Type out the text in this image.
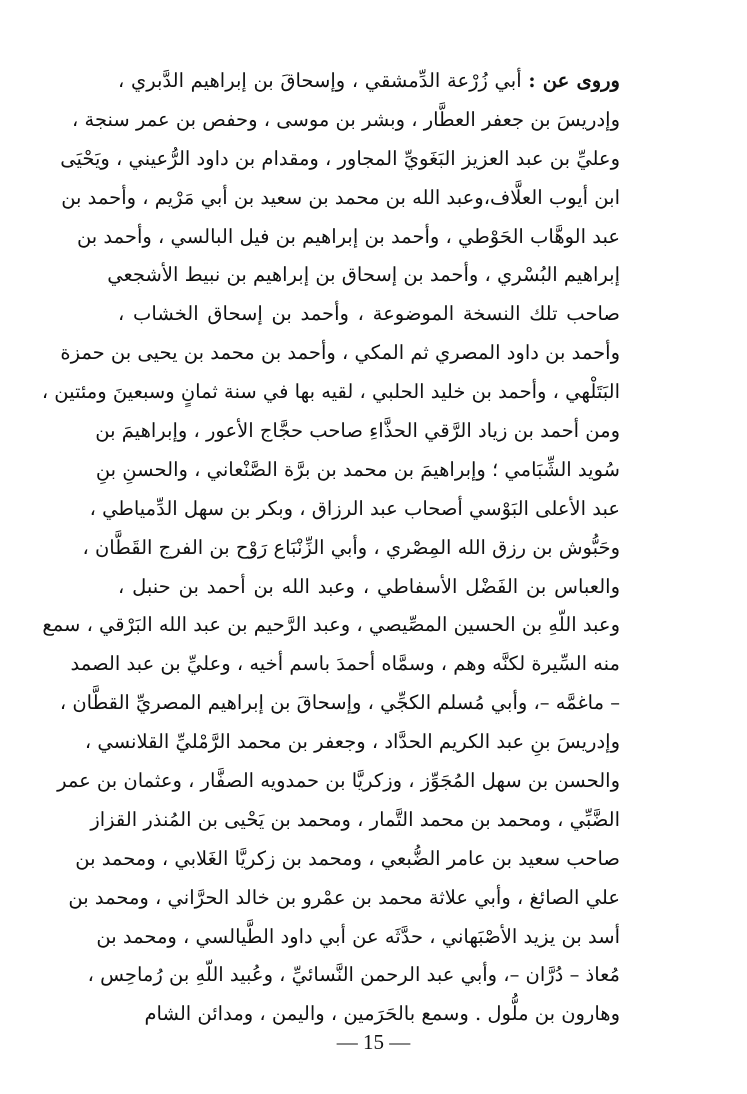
وروى عن : أبي زُرْعة الدِّمشقي ، وإسحاقَ بن إبراهيم الدَّبري ،
وإدريسَ بن جعفر العطَّار ، وبشر بن موسى ، وحفص بن عمر سنجة ،
وعليِّ بن عبد العزيز البَغَويِّ المجاور ، ومقدام بن داود الرُّعيني ، ويَحْيَى
ابن أيوب العلَّاف،وعبد الله بن محمد بن سعيد بن أبي مَرْيم ، وأحمد بن
عبد الوهَّاب الحَوْطي ، وأحمد بن إبراهيم بن فيل البالسي ، وأحمد بن
إبراهيم البُسْري ، وأحمد بن إسحاق بن إبراهيم بن نبيط الأشجعي
صاحب تلك النسخة الموضوعة ، وأحمد بن إسحاق الخشاب ،
وأحمد بن داود المصري ثم المكي ، وأحمد بن محمد بن يحيى بن حمزة
البَتَلْهي ، وأحمد بن خليد الحلبي ، لقيه بها في سنة ثمانٍ وسبعينَ ومئتين ،
ومن أحمد بن زياد الرَّقي الحذَّاءِ صاحب حجَّاج الأعور ، وإبراهيمَ بن
سُويد الشِّبَامي ؛ وإبراهيمَ بن محمد بن برَّة الصَّنْعاني ، والحسنِ بنِ
عبد الأعلى البَوْسي أصحاب عبد الرزاق ، وبكر بن سهل الدِّمياطي ،
وحَبُّوش بن رزق الله المِصْري ، وأبي الزِّنْبَاع رَوْح بن الفرج القَطَّان ،
والعباس بن الفَضْل الأسفاطي ، وعبد الله بن أحمد بن حنبل ،
وعبد اللّهِ بن الحسين المصِّيصي ، وعبد الرَّحيم بن عبد الله البَرْقي ، سمع
منه السِّيرة لكنَّه وهم ، وسمَّاه أحمدَ باسم أخيه ، وعليِّ بن عبد الصمد
– ماغمَّه –، وأبي مُسلم الكجِّي ، وإسحاقَ بن إبراهيم المصريِّ القطَّان ،
وإدريسَ بنِ عبد الكريم الحدَّاد ، وجعفر بن محمد الرَّمْليِّ القلانسي ،
والحسن بن سهل المُجَوِّز ، وزكريَّا بن حمدويه الصفَّار ، وعثمان بن عمر
الضَّبِّي ، ومحمد بن محمد التَّمار ، ومحمد بن يَحْيى بن المُنذر القزاز
صاحب سعيد بن عامر الضُّبعي ، ومحمد بن زكريَّا الغَلابي ، ومحمد بن
علي الصائغ ، وأبي علاثة محمد بن عمْرو بن خالد الحرَّاني ، ومحمد بن
أسد بن يزيد الأصْبَهاني ، حدَّثَه عن أبي داود الطَّيالسي ، ومحمد بن
مُعاذ – دُرَّان –، وأبي عبد الرحمن النَّسائيِّ ، وعُبيد اللّهِ بن رُماحِس ،
وهارون بن ملُّول . وسمع بالحَرَمين ، واليمن ، ومدائن الشام
— 15 —
